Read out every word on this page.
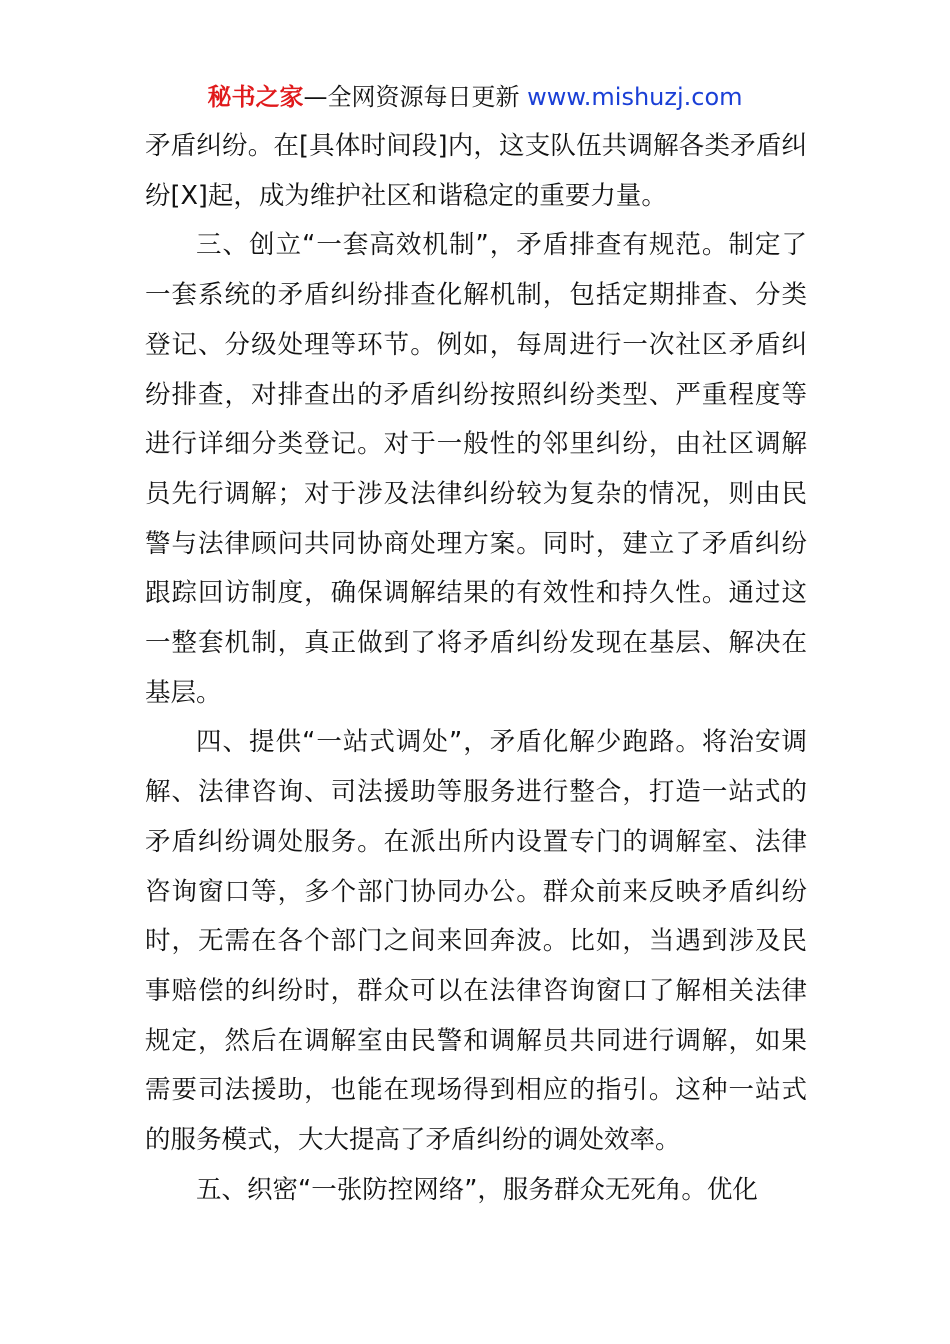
秘书之家—全网资源每日更新 www.mishuzj.com

矛盾纠纷。在[具体时间段]内，这支队伍共调解各类矛盾纠纷[X]起，成为维护社区和谐稳定的重要力量。

三、创立“一套高效机制”，矛盾排查有规范。制定了一套系统的矛盾纠纷排查化解机制，包括定期排查、分类登记、分级处理等环节。例如，每周进行一次社区矛盾纠纷排查，对排查出的矛盾纠纷按照纠纷类型、严重程度等进行详细分类登记。对于一般性的邻里纠纷，由社区调解员先行调解；对于涉及法律纠纷较为复杂的情况，则由民警与法律顾问共同协商处理方案。同时，建立了矛盾纠纷跟踪回访制度，确保调解结果的有效性和持久性。通过这一整套机制，真正做到了将矛盾纠纷发现在基层、解决在基层。

四、提供“一站式调处”，矛盾化解少跑路。将治安调解、法律咨询、司法援助等服务进行整合，打造一站式的矛盾纠纷调处服务。在派出所内设置专门的调解室、法律咨询窗口等，多个部门协同办公。群众前来反映矛盾纠纷时，无需在各个部门之间来回奔波。比如，当遇到涉及民事赔偿的纠纷时，群众可以在法律咨询窗口了解相关法律规定，然后在调解室由民警和调解员共同进行调解，如果需要司法援助，也能在现场得到相应的指引。这种一站式的服务模式，大大提高了矛盾纠纷的调处效率。

五、织密“一张防控网络”，服务群众无死角。优化
